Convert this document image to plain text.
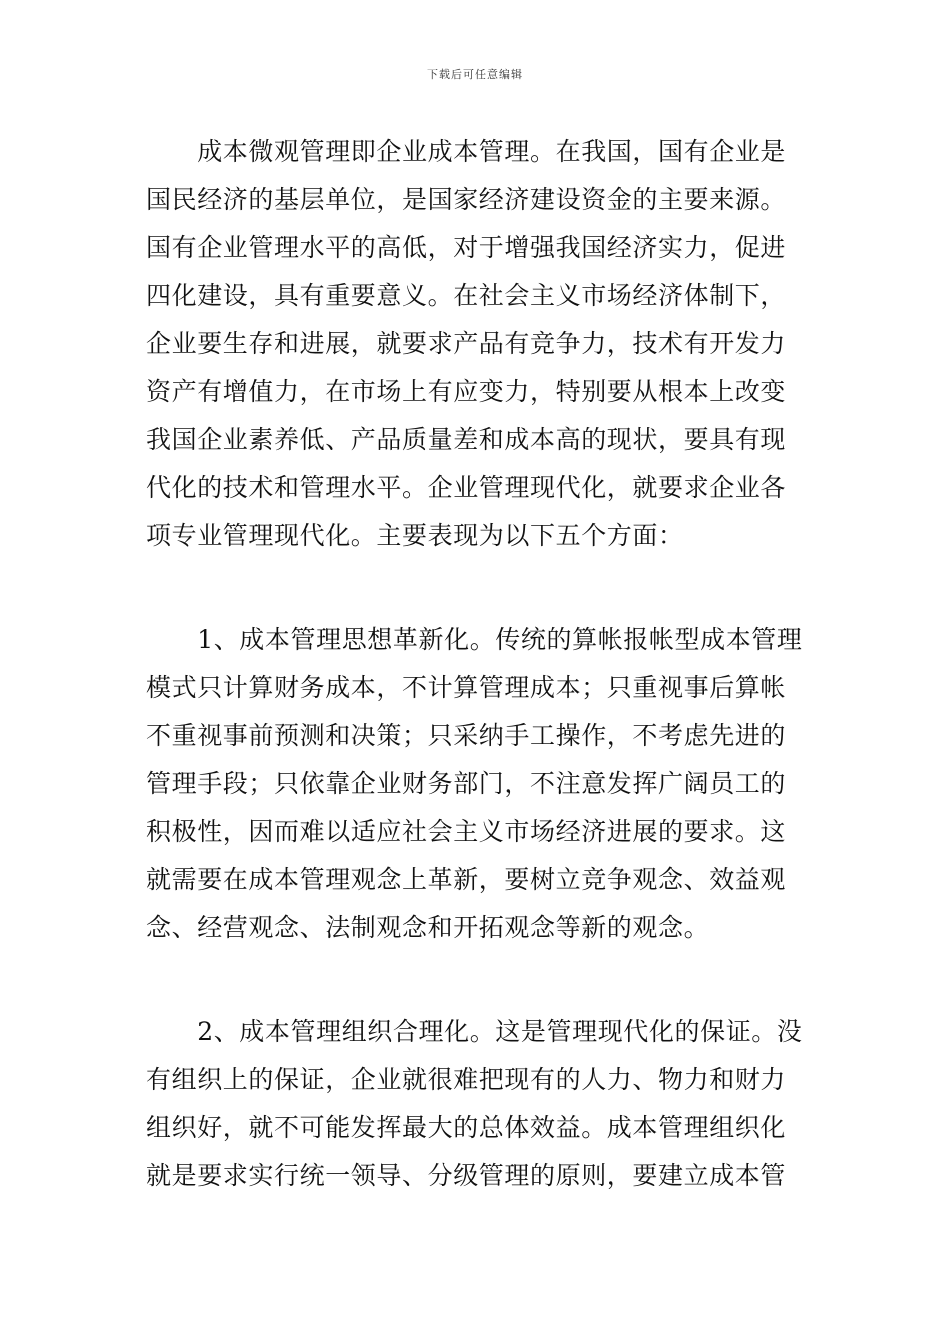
下载后可任意编辑
　　成本微观管理即企业成本管理。在我国，国有企业是
国民经济的基层单位，是国家经济建设资金的主要来源。
国有企业管理水平的高低，对于增强我国经济实力，促进
四化建设，具有重要意义。在社会主义市场经济体制下，
企业要生存和进展，就要求产品有竞争力，技术有开发力
资产有增值力，在市场上有应变力，特别要从根本上改变
我国企业素养低、产品质量差和成本高的现状，要具有现
代化的技术和管理水平。企业管理现代化，就要求企业各
项专业管理现代化。主要表现为以下五个方面：
　　1、成本管理思想革新化。传统的算帐报帐型成本管理
模式只计算财务成本，不计算管理成本；只重视事后算帐
不重视事前预测和决策；只采纳手工操作，不考虑先进的
管理手段；只依靠企业财务部门，不注意发挥广阔员工的
积极性，因而难以适应社会主义市场经济进展的要求。这
就需要在成本管理观念上革新，要树立竞争观念、效益观
念、经营观念、法制观念和开拓观念等新的观念。
　　2、成本管理组织合理化。这是管理现代化的保证。没
有组织上的保证，企业就很难把现有的人力、物力和财力
组织好，就不可能发挥最大的总体效益。成本管理组织化
就是要求实行统一领导、分级管理的原则，要建立成本管
